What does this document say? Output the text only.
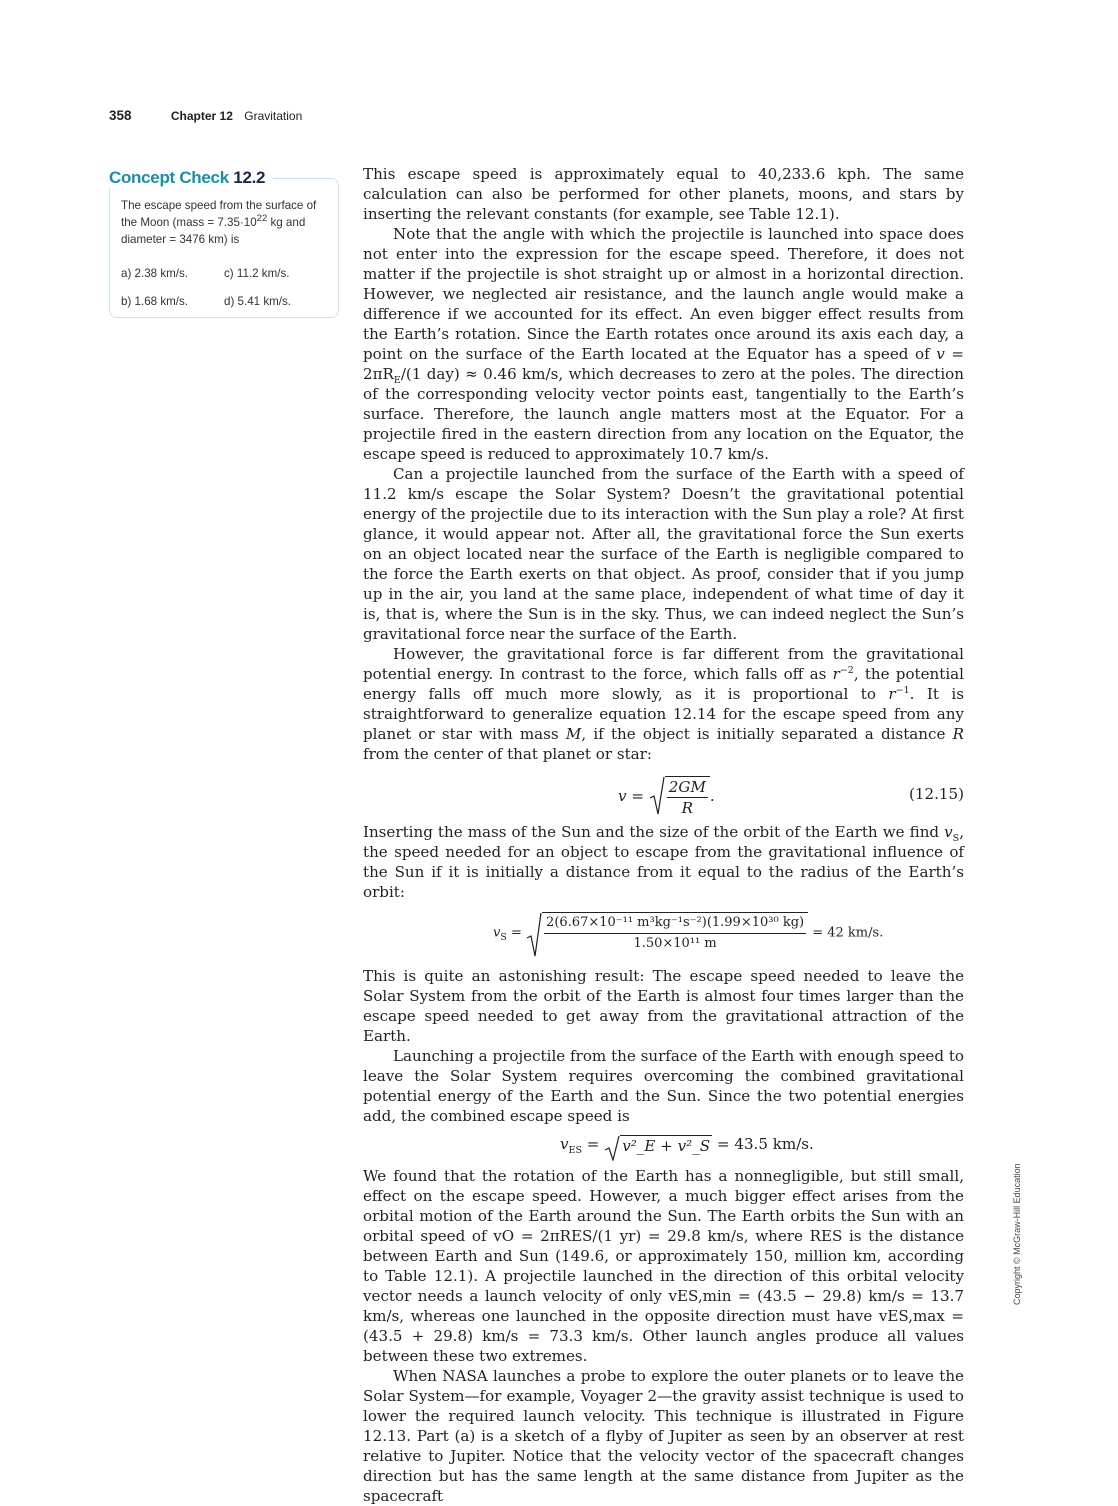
358	Chapter 12 Gravitation
Concept Check 12.2
The escape speed from the surface of the Moon (mass = $7.35\cdot 10^{22}$ kg and diameter = 3476 km) is
a) 2.38 km/s.	c) 11.2 km/s.
b) 1.68 km/s.	d) 5.41 km/s.

This escape speed is approximately equal to 40,233.6 kph. The same calculation can also be performed for other planets, moons, and stars by inserting the relevant constants (for example, see Table 12.1).

Note that the angle with which the projectile is launched into space does not enter into the expression for the escape speed. Therefore, it does not matter if the projectile is shot straight up or almost in a horizontal direction. However, we neglected air resistance, and the launch angle would make a difference if we accounted for its effect. An even bigger effect results from the Earth’s rotation. Since the Earth rotates once around its axis each day, a point on the surface of the Earth located at the Equator has a speed of $v = 2\pi R_E/(1$ day) ≈ 0.46 km/s, which decreases to zero at the poles. The direction of the corresponding velocity vector points east, tangentially to the Earth’s surface. Therefore, the launch angle matters most at the Equator. For a projectile fired in the eastern direction from any location on the Equator, the escape speed is reduced to approximately 10.7 km/s.

Can a projectile launched from the surface of the Earth with a speed of 11.2 km/s escape the Solar System? Doesn’t the gravitational potential energy of the projectile due to its interaction with the Sun play a role? At first glance, it would appear not. After all, the gravitational force the Sun exerts on an object located near the surface of the Earth is negligible compared to the force the Earth exerts on that object. As proof, consider that if you jump up in the air, you land at the same place, independent of what time of day it is, that is, where the Sun is in the sky. Thus, we can indeed neglect the Sun’s gravitational force near the surface of the Earth.

However, the gravitational force is far different from the gravitational potential energy. In contrast to the force, which falls off as $r^{-2}$, the potential energy falls off much more slowly, as it is proportional to $r^{-1}$. It is straightforward to generalize equation 12.14 for the escape speed from any planet or star with mass M, if the object is initially separated a distance R from the center of that planet or star:

$v = \frac{2GM}{R}$ .	(12.15)

Inserting the mass of the Sun and the size of the orbit of the Earth we find $v_S$, the speed needed for an object to escape from the gravitational influence of the Sun if it is initially a distance from it equal to the radius of the Earth’s orbit:

$v_S = \frac{\text{2(6.67×10⁻¹¹ m³kg⁻¹s⁻²)(1.99×10³⁰ kg)}}{\text{1.50×10¹¹ m}} = 42$ km/s.

This is quite an astonishing result: The escape speed needed to leave the Solar System from the orbit of the Earth is almost four times larger than the escape speed needed to get away from the gravitational attraction of the Earth.

Launching a projectile from the surface of the Earth with enough speed to leave the Solar System requires overcoming the combined gravitational potential energy of the Earth and the Sun. Since the two potential energies add, the combined escape speed is

$v_{ES}$ =
v²_E + v²_S = 43.5 km/s.

We found that the rotation of the Earth has a nonnegligible, but still small, effect on the escape speed. However, a much bigger effect arises from the orbital motion of the Earth around the Sun. The Earth orbits the Sun with an orbital speed of vO = 2πRES/(1 yr) = 29.8 km/s, where RES is the distance between Earth and Sun (149.6, or approximately 150, million km, according to Table 12.1). A projectile launched in the direction of this orbital velocity vector needs a launch velocity of only vES,min = (43.5 − 29.8) km/s = 13.7 km/s, whereas one launched in the opposite direction must have vES,max = (43.5 + 29.8) km/s = 73.3 km/s. Other launch angles produce all values between these two extremes.

When NASA launches a probe to explore the outer planets or to leave the Solar System—for example, Voyager 2—the gravity assist technique is used to lower the required launch velocity. This technique is illustrated in Figure 12.13. Part (a) is a sketch of a flyby of Jupiter as seen by an observer at rest relative to Jupiter. Notice that the velocity vector of the spacecraft changes direction but has the same length at the same distance from Jupiter as the spacecraft

Copyright © McGraw-Hill Education
